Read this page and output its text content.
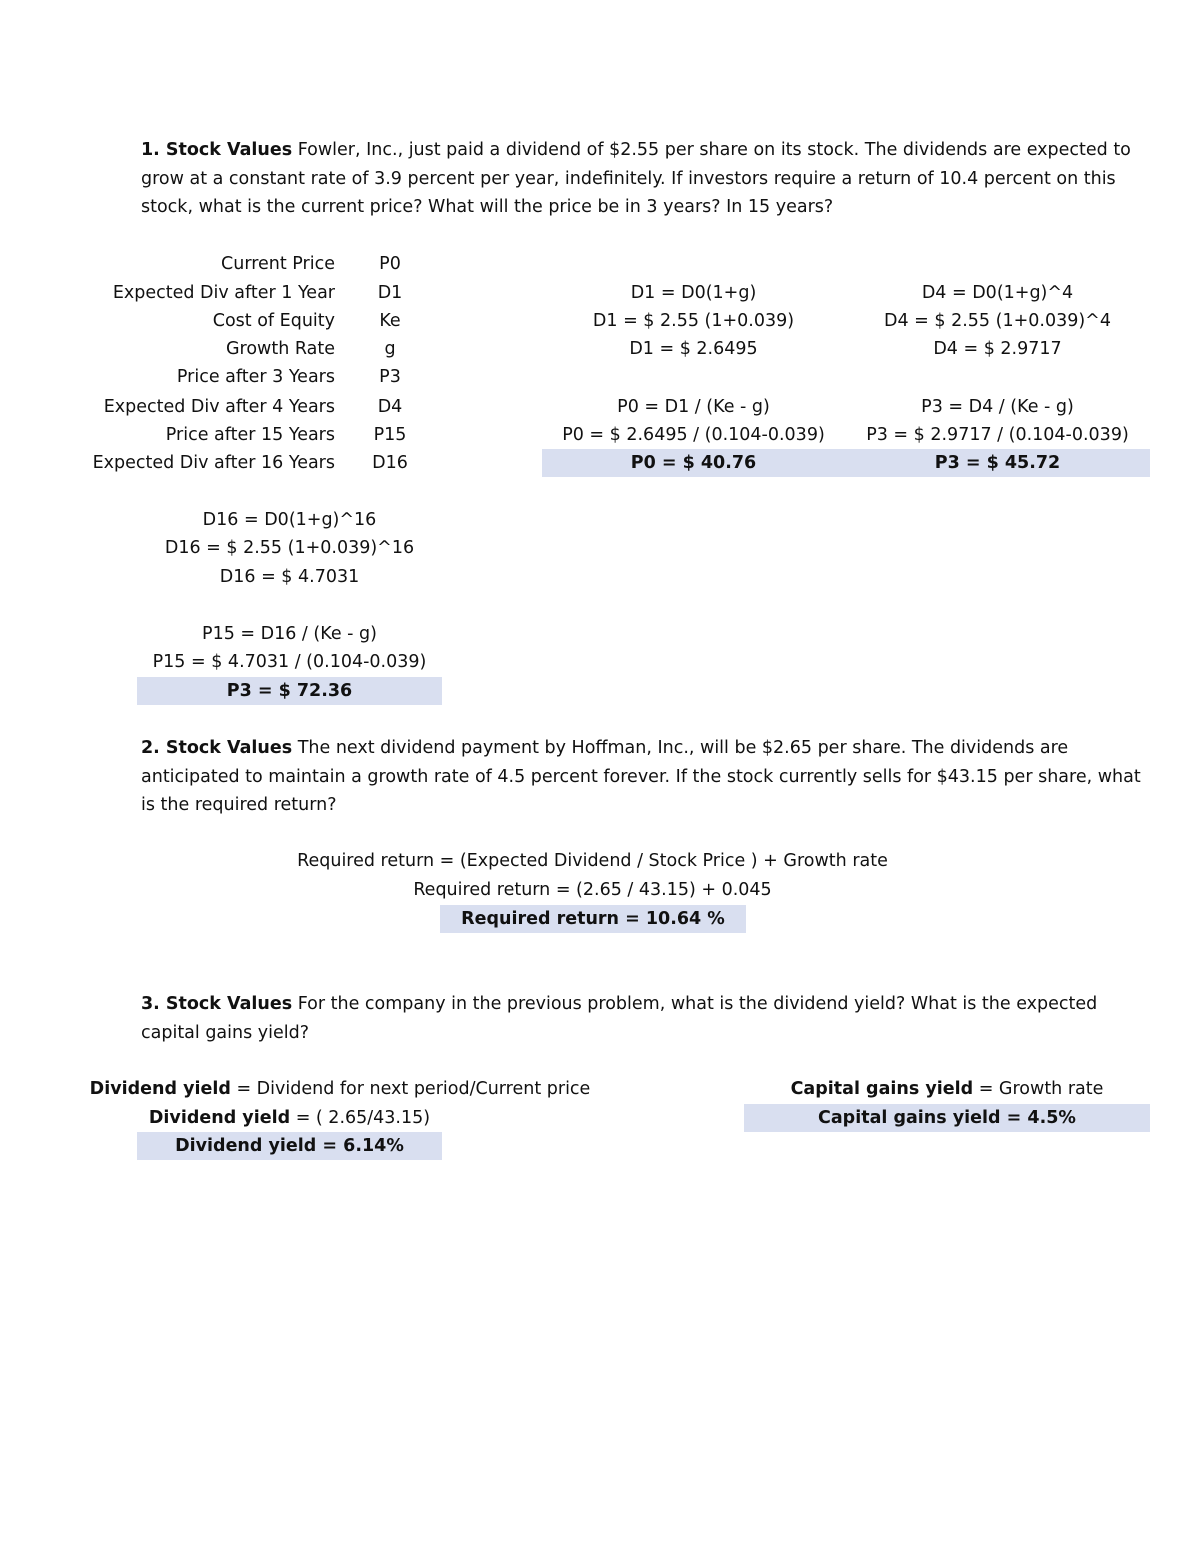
1. Stock Values Fowler, Inc., just paid a dividend of $2.55 per share on its stock. The dividends are expected to grow at a constant rate of 3.9 percent per year, indefinitely. If investors require a return of 10.4 percent on this stock, what is the current price? What will the price be in 3 years? In 15 years?
Current Price	P0
Expected Div after 1 Year	D1
Cost of Equity	Ke
Growth Rate	g
Price after 3 Years	P3
Expected Div after 4 Years	D4
Price after 15 Years	P15
Expected Div after 16 Years	D16
D1 = D0(1+g)
D1 = $ 2.55 (1+0.039)
D1 = $ 2.6495
P0 = D1 / (Ke - g)
P0 = $ 2.6495 / (0.104-0.039)
P0 = $ 40.76
D4 = D0(1+g)^4
D4 = $ 2.55 (1+0.039)^4
D4 = $ 2.9717
P3 = D4 / (Ke - g)
P3 = $ 2.9717 / (0.104-0.039)
P3 = $ 45.72
D16 = D0(1+g)^16
D16 = $ 2.55 (1+0.039)^16
D16 = $ 4.7031
P15 = D16 / (Ke - g)
P15 = $ 4.7031 / (0.104-0.039)
P3 = $ 72.36
2. Stock Values The next dividend payment by Hoffman, Inc., will be $2.65 per share. The dividends are anticipated to maintain a growth rate of 4.5 percent forever. If the stock currently sells for $43.15 per share, what is the required return?
Required return = (Expected Dividend / Stock Price ) + Growth rate
Required return = (2.65 / 43.15) + 0.045
Required return = 10.64 %
3. Stock Values For the company in the previous problem, what is the dividend yield? What is the expected capital gains yield?
Dividend yield = Dividend for next period/Current price
Dividend yield = ( 2.65/43.15)
Dividend yield = 6.14%
Capital gains yield = Growth rate
Capital gains yield = 4.5%
